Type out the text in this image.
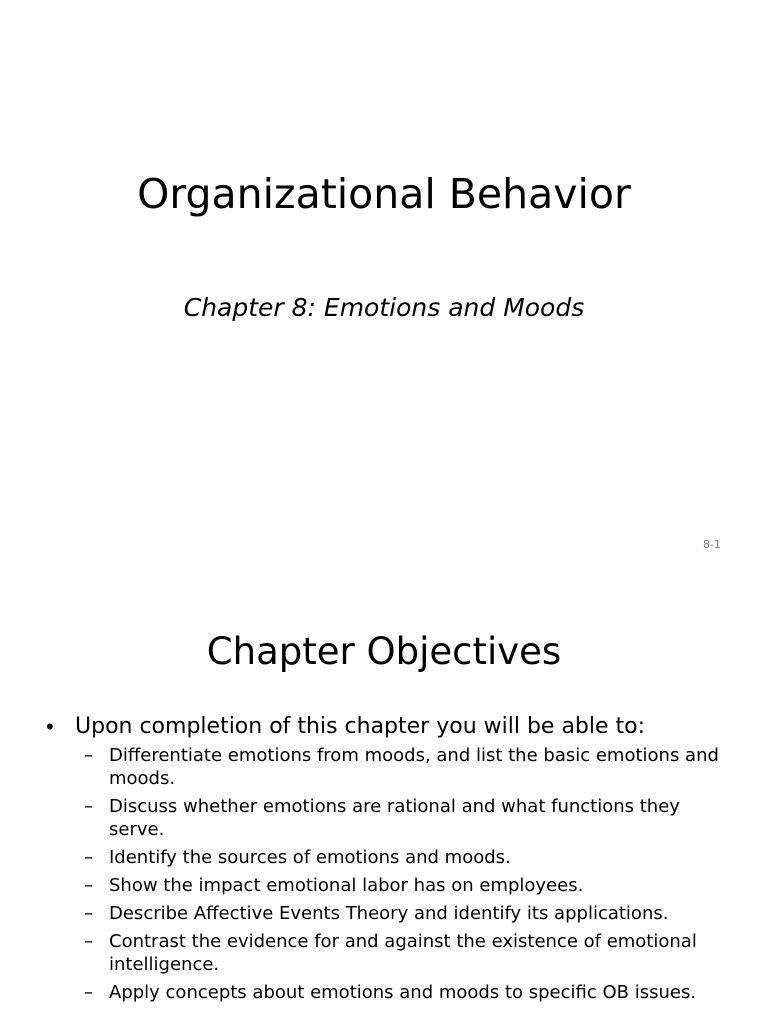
Organizational Behavior
Chapter 8: Emotions and Moods
8-1
Chapter Objectives
• Upon completion of this chapter you will be able to:
– Differentiate emotions from moods, and list the basic emotions and moods.
– Discuss whether emotions are rational and what functions they serve.
– Identify the sources of emotions and moods.
– Show the impact emotional labor has on employees.
– Describe Affective Events Theory and identify its applications.
– Contrast the evidence for and against the existence of emotional intelligence.
– Apply concepts about emotions and moods to specific OB issues.
